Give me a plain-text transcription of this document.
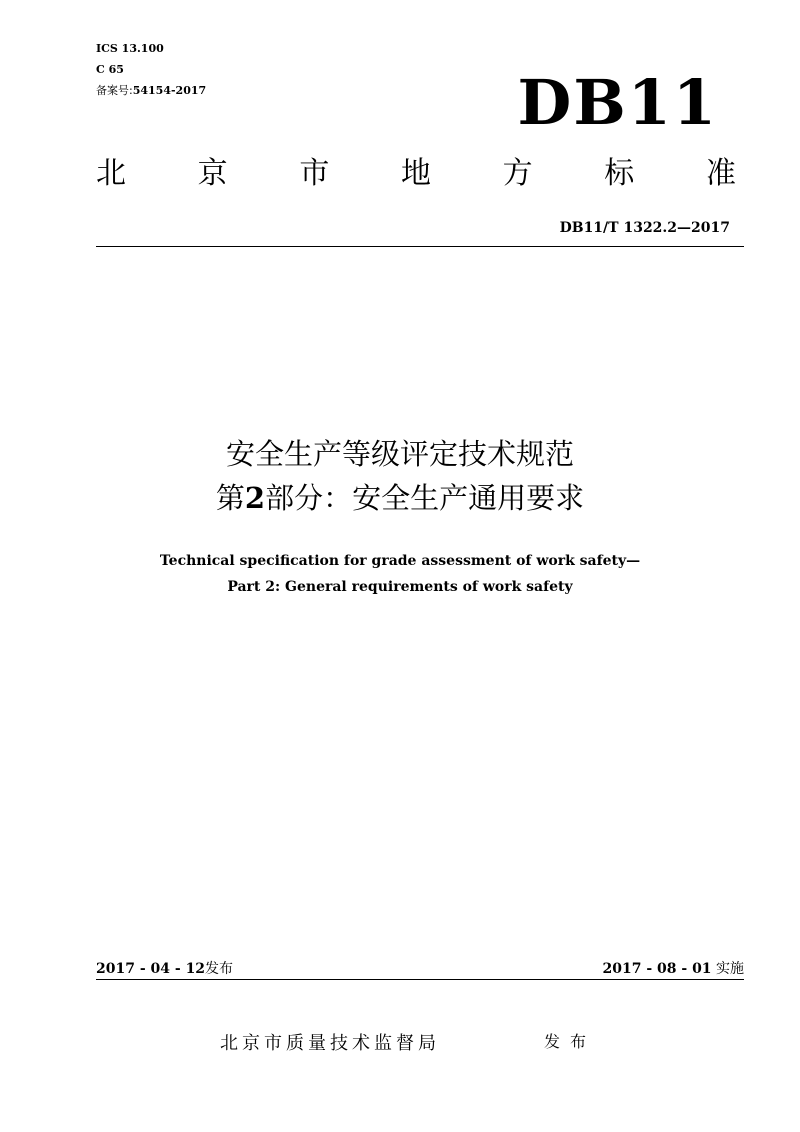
ICS 13.100
C 65
备案号:54154-2017	DB11
北 京 市 地 方 标 准
DB11/T 1322.2—2017
安全生产等级评定技术规范
第2部分：安全生产通用要求
Technical specification for grade assessment of work safety—
Part 2: General requirements of work safety
2017 - 04 - 12发布	2017 - 08 - 01 实施
北京市质量技术监督局	发布
